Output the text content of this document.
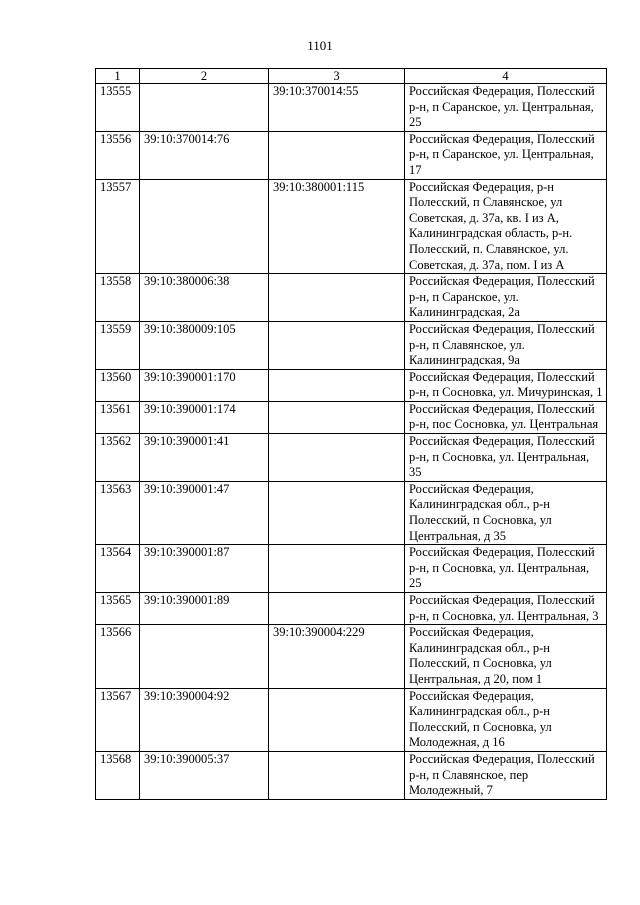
1101
1	2	3	4
13555		39:10:370014:55	Российская Федерация, Полесский р-н, п Саранское, ул. Центральная, 25
13556	39:10:370014:76		Российская Федерация, Полесский р-н, п Саранское, ул. Центральная, 17
13557		39:10:380001:115	Российская Федерация, р-н Полесский, п Славянское, ул Советская, д. 37а, кв. I из А, Калининградская область, р-н. Полесский, п. Славянское, ул. Советская, д. 37а, пом. I из А
13558	39:10:380006:38		Российская Федерация, Полесский р-н, п Саранское, ул. Калининградская, 2а
13559	39:10:380009:105		Российская Федерация, Полесский р-н, п Славянское, ул. Калининградская, 9а
13560	39:10:390001:170		Российская Федерация, Полесский р-н, п Сосновка, ул. Мичуринская, 1
13561	39:10:390001:174		Российская Федерация, Полесский р-н, пос Сосновка, ул. Центральная
13562	39:10:390001:41		Российская Федерация, Полесский р-н, п Сосновка, ул. Центральная, 35
13563	39:10:390001:47		Российская Федерация, Калининградская обл., р-н Полесский, п Сосновка, ул Центральная, д 35
13564	39:10:390001:87		Российская Федерация, Полесский р-н, п Сосновка, ул. Центральная, 25
13565	39:10:390001:89		Российская Федерация, Полесский р-н, п Сосновка, ул. Центральная, 3
13566		39:10:390004:229	Российская Федерация, Калининградская обл., р-н Полесский, п Сосновка, ул Центральная, д 20, пом 1
13567	39:10:390004:92		Российская Федерация, Калининградская обл., р-н Полесский, п Сосновка, ул Молодежная, д 16
13568	39:10:390005:37		Российская Федерация, Полесский р-н, п Славянское, пер Молодежный, 7
